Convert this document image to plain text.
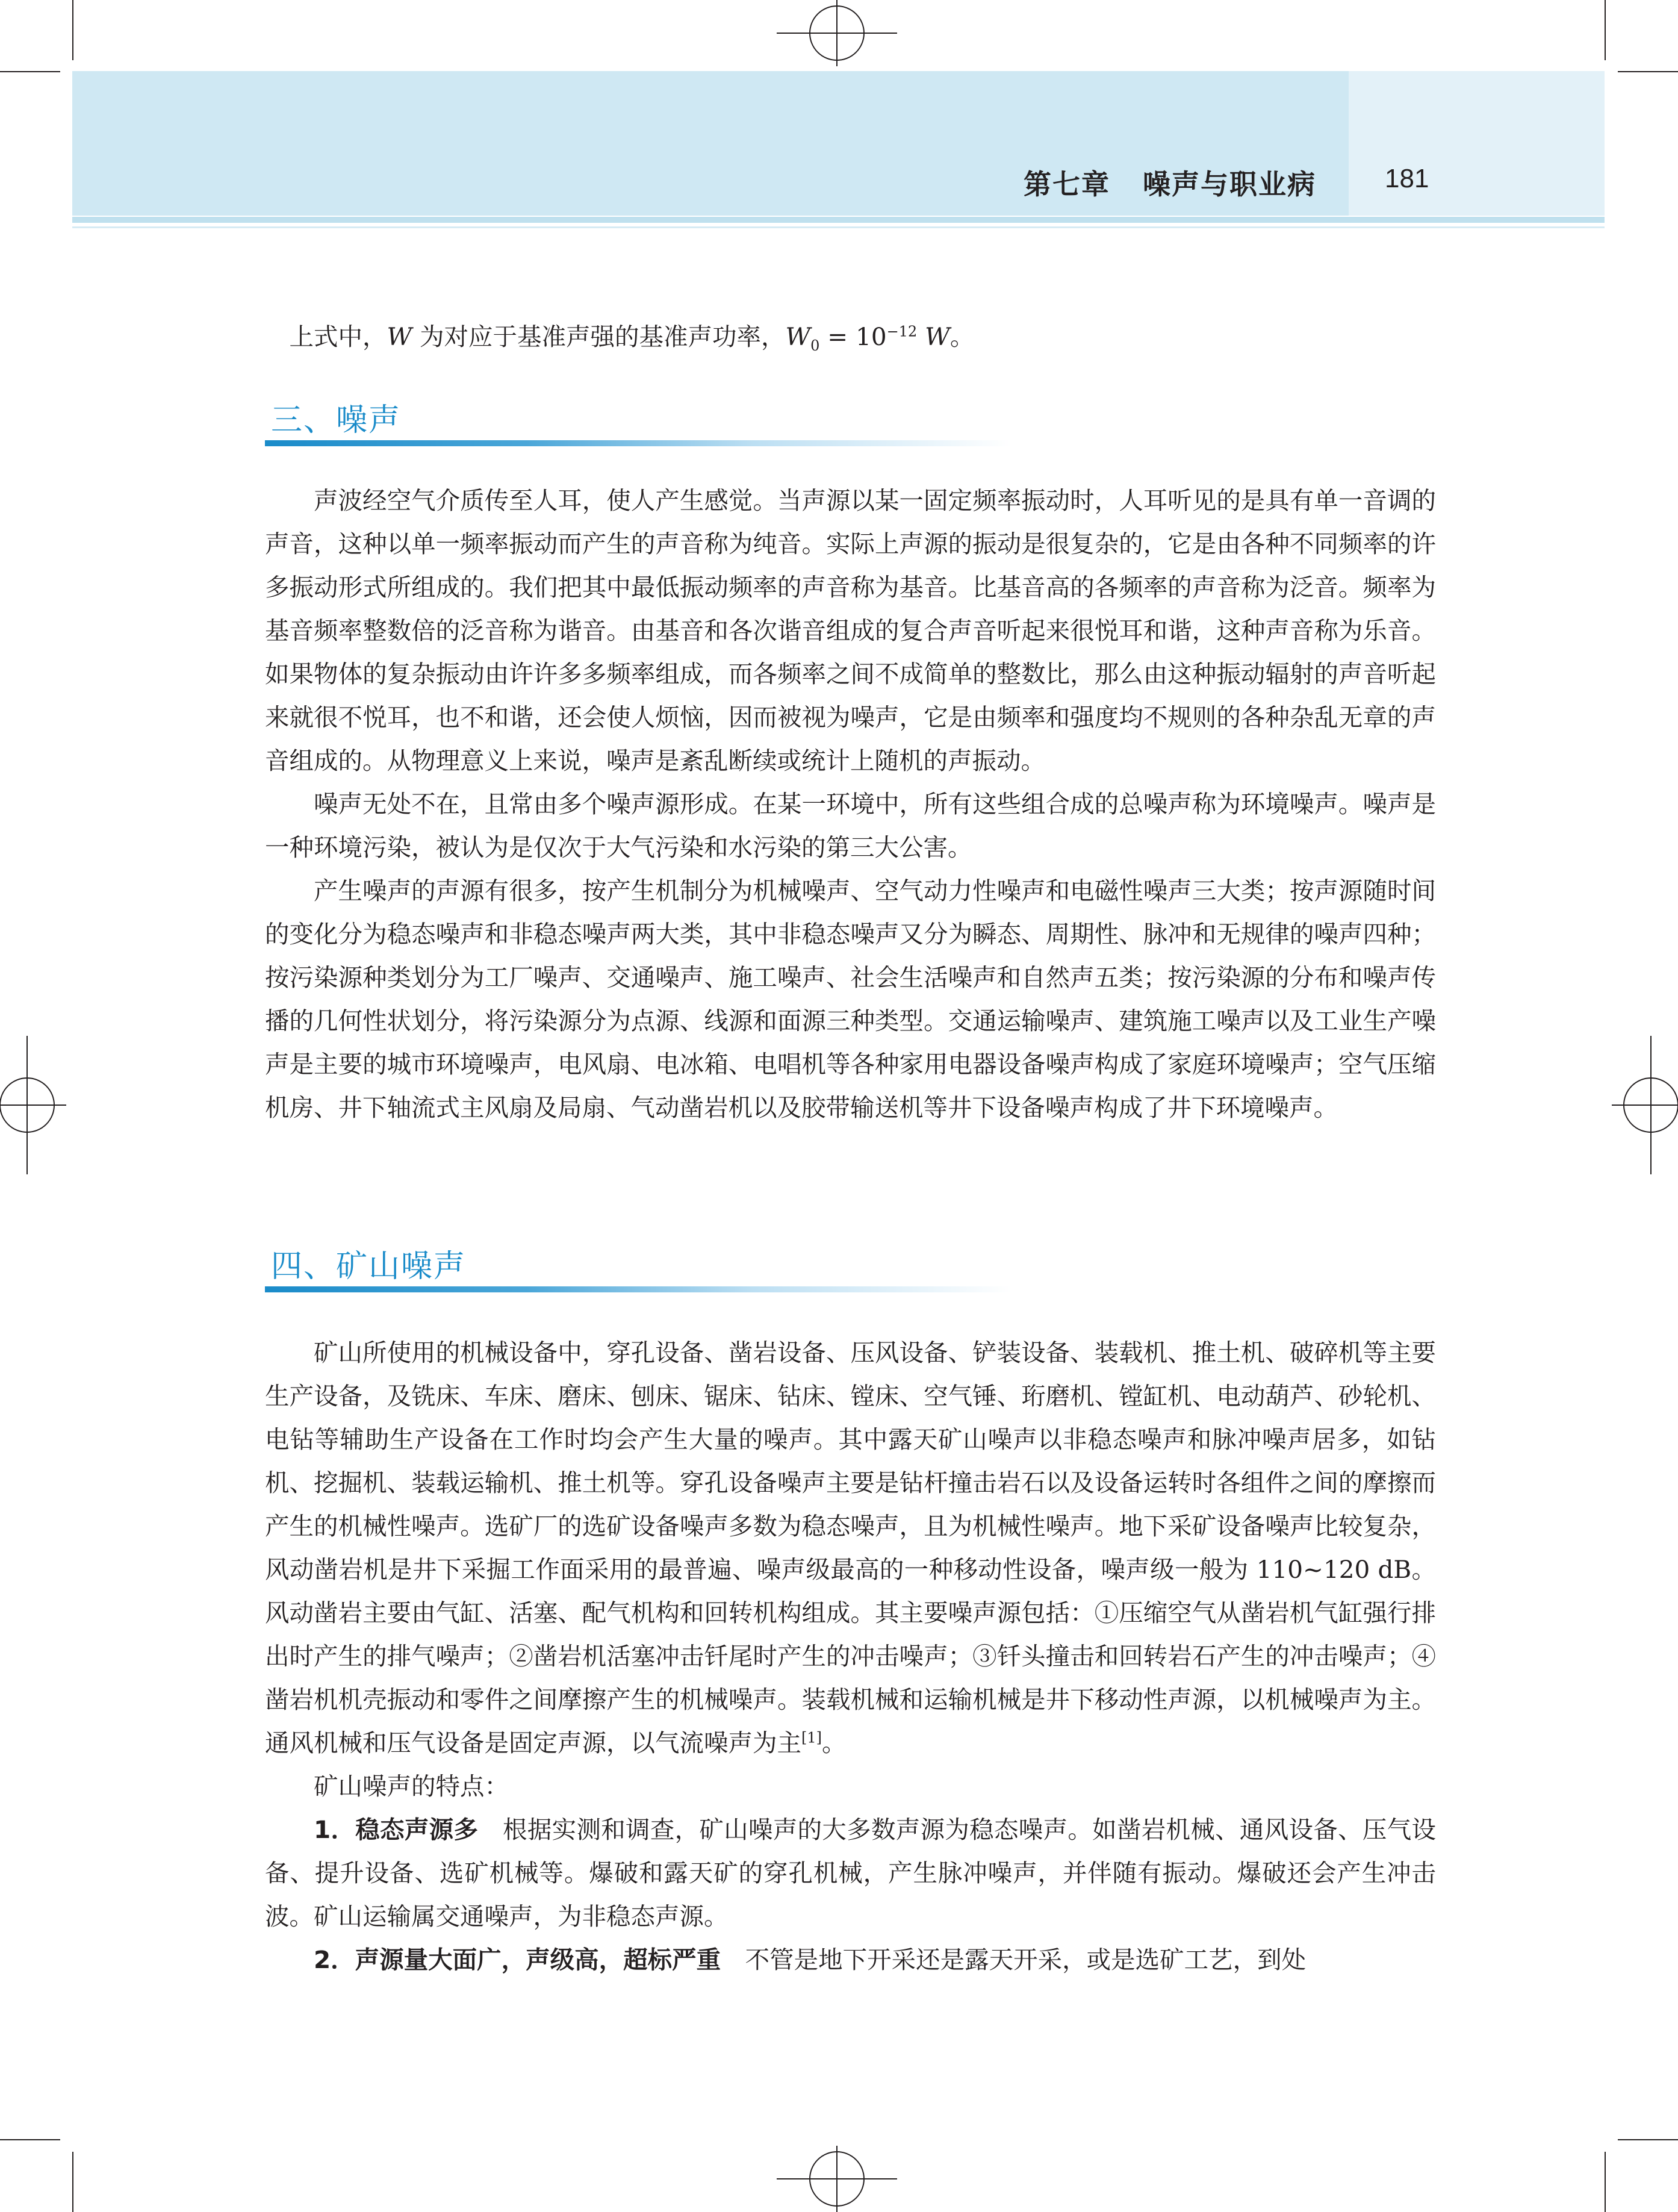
第七章   噪声与职业病	181

上式中，W 为对应于基准声强的基准声功率，$W_0 = 10^{-12}$ W。

三、噪声

声波经空气介质传至人耳，使人产生感觉。当声源以某一固定频率振动时，人耳听见的是具有单一音调的声音，这种以单一频率振动而产生的声音称为纯音。实际上声源的振动是很复杂的，它是由各种不同频率的许多振动形式所组成的。我们把其中最低振动频率的声音称为基音。比基音高的各频率的声音称为泛音。频率为基音频率整数倍的泛音称为谐音。由基音和各次谐音组成的复合声音听起来很悦耳和谐，这种声音称为乐音。如果物体的复杂振动由许许多多频率组成，而各频率之间不成简单的整数比，那么由这种振动辐射的声音听起来就很不悦耳，也不和谐，还会使人烦恼，因而被视为噪声，它是由频率和强度均不规则的各种杂乱无章的声音组成的。从物理意义上来说，噪声是紊乱断续或统计上随机的声振动。

噪声无处不在，且常由多个噪声源形成。在某一环境中，所有这些组合成的总噪声称为环境噪声。噪声是一种环境污染，被认为是仅次于大气污染和水污染的第三大公害。

产生噪声的声源有很多，按产生机制分为机械噪声、空气动力性噪声和电磁性噪声三大类；按声源随时间的变化分为稳态噪声和非稳态噪声两大类，其中非稳态噪声又分为瞬态、周期性、脉冲和无规律的噪声四种；按污染源种类划分为工厂噪声、交通噪声、施工噪声、社会生活噪声和自然声五类；按污染源的分布和噪声传播的几何性状划分，将污染源分为点源、线源和面源三种类型。交通运输噪声、建筑施工噪声以及工业生产噪声是主要的城市环境噪声，电风扇、电冰箱、电唱机等各种家用电器设备噪声构成了家庭环境噪声；空气压缩机房、井下轴流式主风扇及局扇、气动凿岩机以及胶带输送机等井下设备噪声构成了井下环境噪声。

四、矿山噪声

矿山所使用的机械设备中，穿孔设备、凿岩设备、压风设备、铲装设备、装载机、推土机、破碎机等主要生产设备，及铣床、车床、磨床、刨床、锯床、钻床、镗床、空气锤、珩磨机、镗缸机、电动葫芦、砂轮机、电钻等辅助生产设备在工作时均会产生大量的噪声。其中露天矿山噪声以非稳态噪声和脉冲噪声居多，如钻机、挖掘机、装载运输机、推土机等。穿孔设备噪声主要是钻杆撞击岩石以及设备运转时各组件之间的摩擦而产生的机械性噪声。选矿厂的选矿设备噪声多数为稳态噪声，且为机械性噪声。地下采矿设备噪声比较复杂，风动凿岩机是井下采掘工作面采用的最普遍、噪声级最高的一种移动性设备，噪声级一般为 110~120 dB。风动凿岩主要由气缸、活塞、配气机构和回转机构组成。其主要噪声源包括：①压缩空气从凿岩机气缸强行排出时产生的排气噪声；②凿岩机活塞冲击钎尾时产生的冲击噪声；③钎头撞击和回转岩石产生的冲击噪声；④凿岩机机壳振动和零件之间摩擦产生的机械噪声。装载机械和运输机械是井下移动性声源，以机械噪声为主。通风机械和压气设备是固定声源，以气流噪声为主[1]。

矿山噪声的特点：

1．稳态声源多　根据实测和调查，矿山噪声的大多数声源为稳态噪声。如凿岩机械、通风设备、压气设备、提升设备、选矿机械等。爆破和露天矿的穿孔机械，产生脉冲噪声，并伴随有振动。爆破还会产生冲击波。矿山运输属交通噪声，为非稳态声源。

2．声源量大面广，声级高，超标严重　不管是地下开采还是露天开采，或是选矿工艺，到处
